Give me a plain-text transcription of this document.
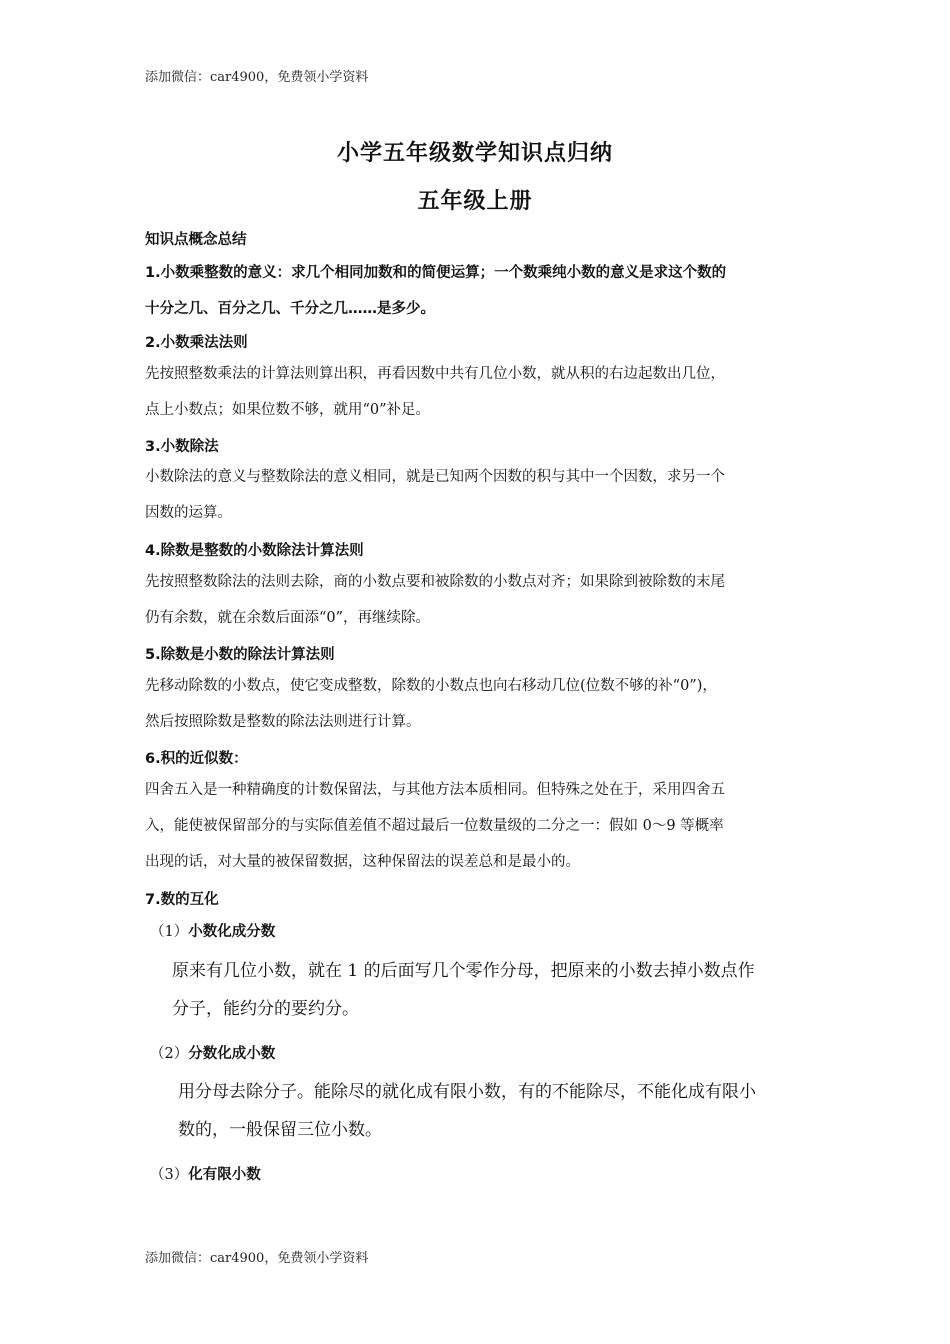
添加微信：car4900，免费领小学资料
小学五年级数学知识点归纳
五年级上册
知识点概念总结
1.小数乘整数的意义：求几个相同加数和的简便运算；一个数乘纯小数的意义是求这个数的
十分之几、百分之几、千分之几……是多少。
2.小数乘法法则
先按照整数乘法的计算法则算出积，再看因数中共有几位小数，就从积的右边起数出几位，
点上小数点；如果位数不够，就用“0”补足。
3.小数除法
小数除法的意义与整数除法的意义相同，就是已知两个因数的积与其中一个因数，求另一个
因数的运算。
4.除数是整数的小数除法计算法则
先按照整数除法的法则去除，商的小数点要和被除数的小数点对齐；如果除到被除数的末尾
仍有余数，就在余数后面添“0”，再继续除。
5.除数是小数的除法计算法则
先移动除数的小数点，使它变成整数，除数的小数点也向右移动几位(位数不够的补“0”)，
然后按照除数是整数的除法法则进行计算。
6.积的近似数：
四舍五入是一种精确度的计数保留法，与其他方法本质相同。但特殊之处在于，采用四舍五
入，能使被保留部分的与实际值差值不超过最后一位数量级的二分之一：假如 0～9 等概率
出现的话，对大量的被保留数据，这种保留法的误差总和是最小的。
7.数的互化
（1）小数化成分数
原来有几位小数，就在 1 的后面写几个零作分母，把原来的小数去掉小数点作
分子，能约分的要约分。
（2）分数化成小数
用分母去除分子。能除尽的就化成有限小数，有的不能除尽，不能化成有限小
数的，一般保留三位小数。
（3）化有限小数
添加微信：car4900，免费领小学资料
